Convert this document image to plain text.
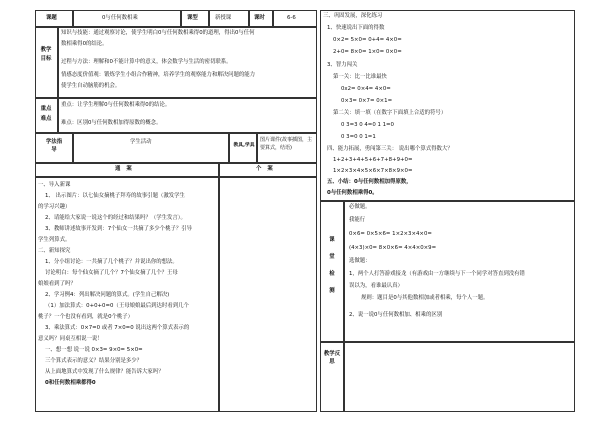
课题	0与任何数相乘	课型	新授课	课时	6-6
教学目标
知识与技能：通过观察讨论，使学生明白0与任何数相乘得0的道理，得出0与任何
数相乘得0的结论。
过程与方法：理解和0不能计算中的意义，体会数学与生活的密切联系。
情感态度价值观：锻炼学生小组合作精神，培养学生的观察能力和解决问题的能力
使学生自动脑筋的机会。
重点难点
重点：让学生理解0与任何数相乘得0的结论。
难点：区别0与任何数相加得原数的概念。
学法指导
学生活动
教具,学具
图片课件(故事插图，主要算式，结语)
通案	个案
一、导入新课
1、 出示图片：以七仙女摘桃子拜寿的故事引题（激发学生
的学习兴趣）
2、请能给大家说一说这个的经过和结果吗？（学生发言）。
3、教师讲述故事开发到：7个仙女一共摘了多少个桃子？引导
学生列算式。
二、新知探究
1、分小组讨论：一共摘了几个桃子？并说出你的想法。
讨论明白：每个仙女摘了几个？7个仙女摘了几个？王母
娘娘看到了吗？
2、学习例4：列出解决问题的算式。(学生自己解决)
（1）加法算式：0+0+0=0（王母娘娘最后到达时看到几个
桃子？一个也没有看到，就是0个桃子）
3、乘法算式：0×7=0 或者 7×0=0 说出这两个算式表示的
意义吗？同桌互相说一说！
一、想一想 说一说 0×3= 9×0= 5×0=
三个算式表示的意义？结果分别是多少？
从上面地算式中发现了什么规律？能告诉大家吗？
0和任何数相乘都得0
三、巩固发展，深化练习
1、快速说出下面的得数
0×2= 5×0= 0+4= 4×0=
2+0= 8×0= 1×0= 0×0=
3、智力闯关
第一关：比一比谁最快
0x2= 0×4= 4×0=
0×3= 0×7= 0×1=
第二关：填一填（在数字下面填上合适的符号）
0 3=3 0 4=0 1 1=0
0 3=0 0 1=1
四、能力拓展，勇闯第三关： 说出哪个算式得数大？
1+2+3+4+5+6+7+8+9+0=
1×2×3×4×5×6×7×8×9×0=
五、小结：0与任何数相加得原数，
0与任何数相乘得0。
课堂检测
必做题。
我能行
0×6= 0×5×6= 1×2×3×4×0=
(4×3)×0= 8×0×6= 4×4×0×9=
选做题：
1，两个人打答游戏接龙（有游戏由一方继续与下一个同学对答直到没有错
误以为，看谁最认真）
规则：题目是0与其他数相加或者相乘，每个人一题。
2、说一说0与任何数相加、相乘的区别
教学反思
